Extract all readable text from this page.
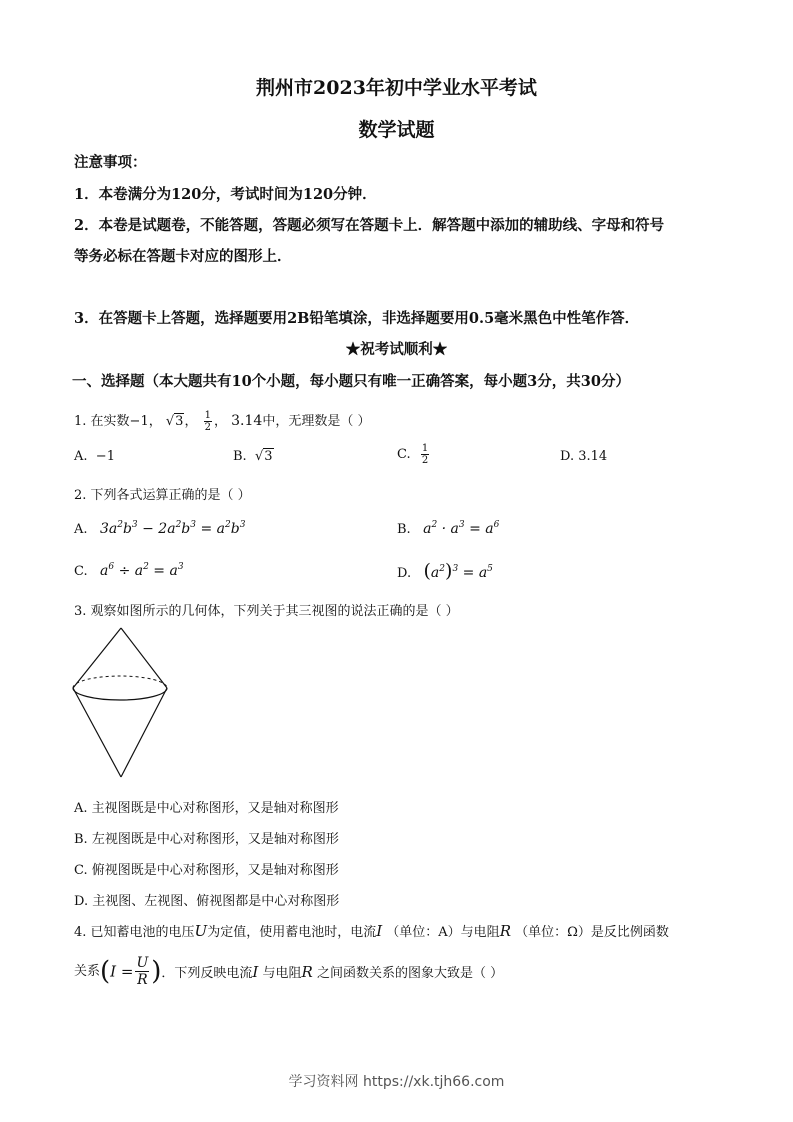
荆州市2023年初中学业水平考试
数学试题
注意事项：
1．本卷满分为120分，考试时间为120分钟．
2．本卷是试题卷，不能答题，答题必须写在答题卡上．解答题中添加的辅助线、字母和符号
等务必标在答题卡对应的图形上．
3．在答题卡上答题，选择题要用2B铅笔填涂，非选择题要用0.5毫米黑色中性笔作答．
★祝考试顺利★
一、选择题（本大题共有10个小题，每小题只有唯一正确答案，每小题3分，共30分）
1. 在实数−1， √3， $\frac{1}{2}$ ， 3.14中，无理数是（ ）
A. −1	B. √3	C. $\frac{1}{2}$	D. 3.14
2. 下列各式运算正确的是（ ）
A. $3a^2b^3 - 2a^2b^3 = a^2b^3$	B. $a^2 \cdot a^3 = a^6$
C. $a^6 \div a^2 = a^3$	D. $(a^2)^3 = a^5$
3. 观察如图所示的几何体，下列关于其三视图的说法正确的是（ ）
A. 主视图既是中心对称图形，又是轴对称图形
B. 左视图既是中心对称图形，又是轴对称图形
C. 俯视图既是中心对称图形，又是轴对称图形
D. 主视图、左视图、俯视图都是中心对称图形
4. 已知蓄电池的电压U为定值，使用蓄电池时，电流I （单位：A）与电阻R （单位：Ω）是反比例函数
关系($I = \frac{U}{R}$ )．下列反映电流I 与电阻R 之间函数关系的图象大致是（ ）
学习资料网 https://xk.tjh66.com
